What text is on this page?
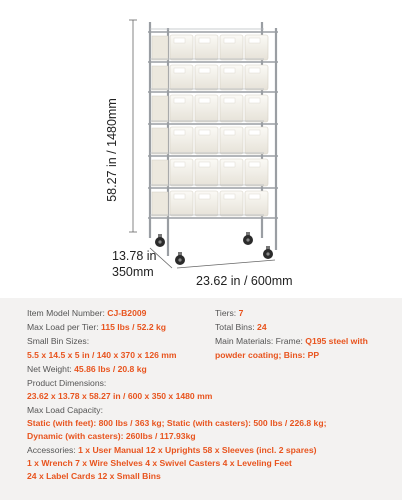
58.27 in / 1480mm
13.78 in
350mm
23.62 in / 600mm
Item Model Number: CJ-B2009	Tiers: 7
Max Load per Tier: 115 lbs / 52.2 kg	Total Bins: 24
Small Bin Sizes:	Main Materials: Frame: Q195 steel with
5.5 x 14.5 x 5 in / 140 x 370 x 126 mm	powder coating; Bins: PP
Net Weight: 45.86 lbs / 20.8 kg
Product Dimensions:
23.62 x 13.78 x 58.27 in / 600 x 350 x 1480 mm
Max Load Capacity:
Static (with feet): 800 lbs / 363 kg; Static (with casters): 500 lbs / 226.8 kg;
Dynamic (with casters): 260lbs / 117.93kg
Accessories: 1 x User Manual 12 x Uprights 58 x Sleeves (incl. 2 spares)
1 x Wrench 7 x Wire Shelves 4 x Swivel Casters 4 x Leveling Feet
24 x Label Cards 12 x Small Bins
